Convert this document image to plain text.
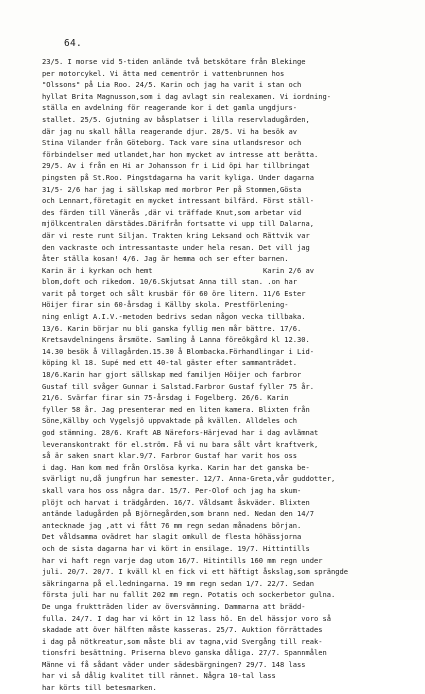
64.
23/5. I morse vid 5-tiden anlände två betskötare från Blekinge
per motorcykel. Vi ätta med cementrör i vattenbrunnen hos
"Olssons" på Lia Roo. 24/5. Karin och jag ha varit i stan och
hyllat Brita Magnusson,som i dag avlagt sin realexamen. Vi iordning-
ställa en avdelning för reagerande kor i det gamla ungdjurs-
stallet. 25/5. Gjutning av båsplatser i lilla reservladugården,
där jag nu skall hålla reagerande djur. 28/5. Vi ha besök av
Stina Vilander från Göteborg. Tack vare sina utlandsresor och
förbindelser med utlandet,har hon mycket av intresse att berätta.
29/5. Av i från en Hi ar Johansson fr i Lid öpi har tillbringat
pingsten på St.Roo. Pingstdagarna ha varit kyliga. Under dagarna
31/5- 2/6 har jag i sällskap med morbror Per på Stommen,Gösta
och Lennart,företagit en mycket intressant bilfärd. Först ställ-
des färden till Vänerås ,där vi träffade Knut,som arbetar vid
mjölkcentralen därstädes.Därifrån fortsatte vi upp till Dalarna,
där vi reste runt Siljan. Trakten kring Leksand och Rättvik var
den vackraste och intressantaste under hela resan. Det vill jag
åter ställa kosan! 4/6. Jag är hemma och ser efter barnen.
Karin är i kyrkan och hemt                          Karin 2/6 av
blom,doft och rikedom. 10/6.Skjutsat Anna till stan. .on har
varit på torget och sålt krusbär för 60 öre litern. 11/6 Ester
Höijer firar sin 60-årsdag i Källby skola. Prestförlening-
ning enligt A.I.V.-metoden bedrivs sedan någon vecka tillbaka.
13/6. Karin börjar nu bli ganska fyllig men mår bättre. 17/6.
Kretsavdelningens årsmöte. Samling å Lanna föreökgård kl 12.30.
14.30 besök å Villagården.15.30 å Blombacka.Förhandlingar i Lid-
köping kl 18. Supé med ett 40-tal gäster efter sammanträdet.
18/6.Karin har gjort sällskap med familjen Höijer och farbror
Gustaf till svåger Gunnar i Salstad.Farbror Gustaf fyller 75 år.
21/6. Svärfar firar sin 75-årsdag i Fogelberg. 26/6. Karin
fyller 58 år. Jag presenterar med en liten kamera. Blixten från
Söne,Källby och Vygelsjö uppvaktade på kvällen. Alldeles och
god stämning. 28/6. Kraft AB Närefors-Härjevad har i dag avlämnat
leveranskontrakt för el.ström. Få vi nu bara sålt vårt kraftverk,
så är saken snart klar.9/7. Farbror Gustaf har varit hos oss
i dag. Han kom med från Orslösa kyrka. Karin har det ganska be-
svärligt nu,då jungfrun har semester. 12/7. Anna-Greta,vår guddotter,
skall vara hos oss några dar. 15/7. Per-Olof och jag ha skum-
plöjt och harvat i trädgården. 16/7. Våldsamt åskväder. Blixten
antände ladugården på Björnegården,som brann ned. Nedan den 14/7
antecknade jag ,att vi fått 76 mm regn sedan månadens början.
Det våldsamma ovädret har slagit omkull de flesta höhässjorna
och de sista dagarna har vi kört in ensilage. 19/7. Hittintills
har vi haft regn varje dag utom 16/7. Hitintills 160 mm regn under
juli. 20/7. 20/7. I kväll kl en fick vi ett häftigt åskslag,som sprängde
säkringarna på el.ledningarna. 19 mm regn sedan 1/7. 22/7. Sedan
första juli har nu fallit 202 mm regn. Potatis och sockerbetor gulna.
De unga fruktträden lider av översvämning. Dammarna att brädd-
fulla. 24/7. I dag har vi kört in 12 lass hö. En del hässjor voro så
skadade att över hälften måste kasseras. 25/7. Auktion förrättades
i dag på nötkreatur,som måste bli av tagna,vid Svergång till reak-
tionsfri besättning. Priserna blevo ganska dåliga. 27/7. Spannmålen
Männe vi få sådant väder under sädesbärgningen? 29/7. 148 lass
har vi så dålig kvalitet till rännet. Några 10-tal lass
har körts till betesmarken.
